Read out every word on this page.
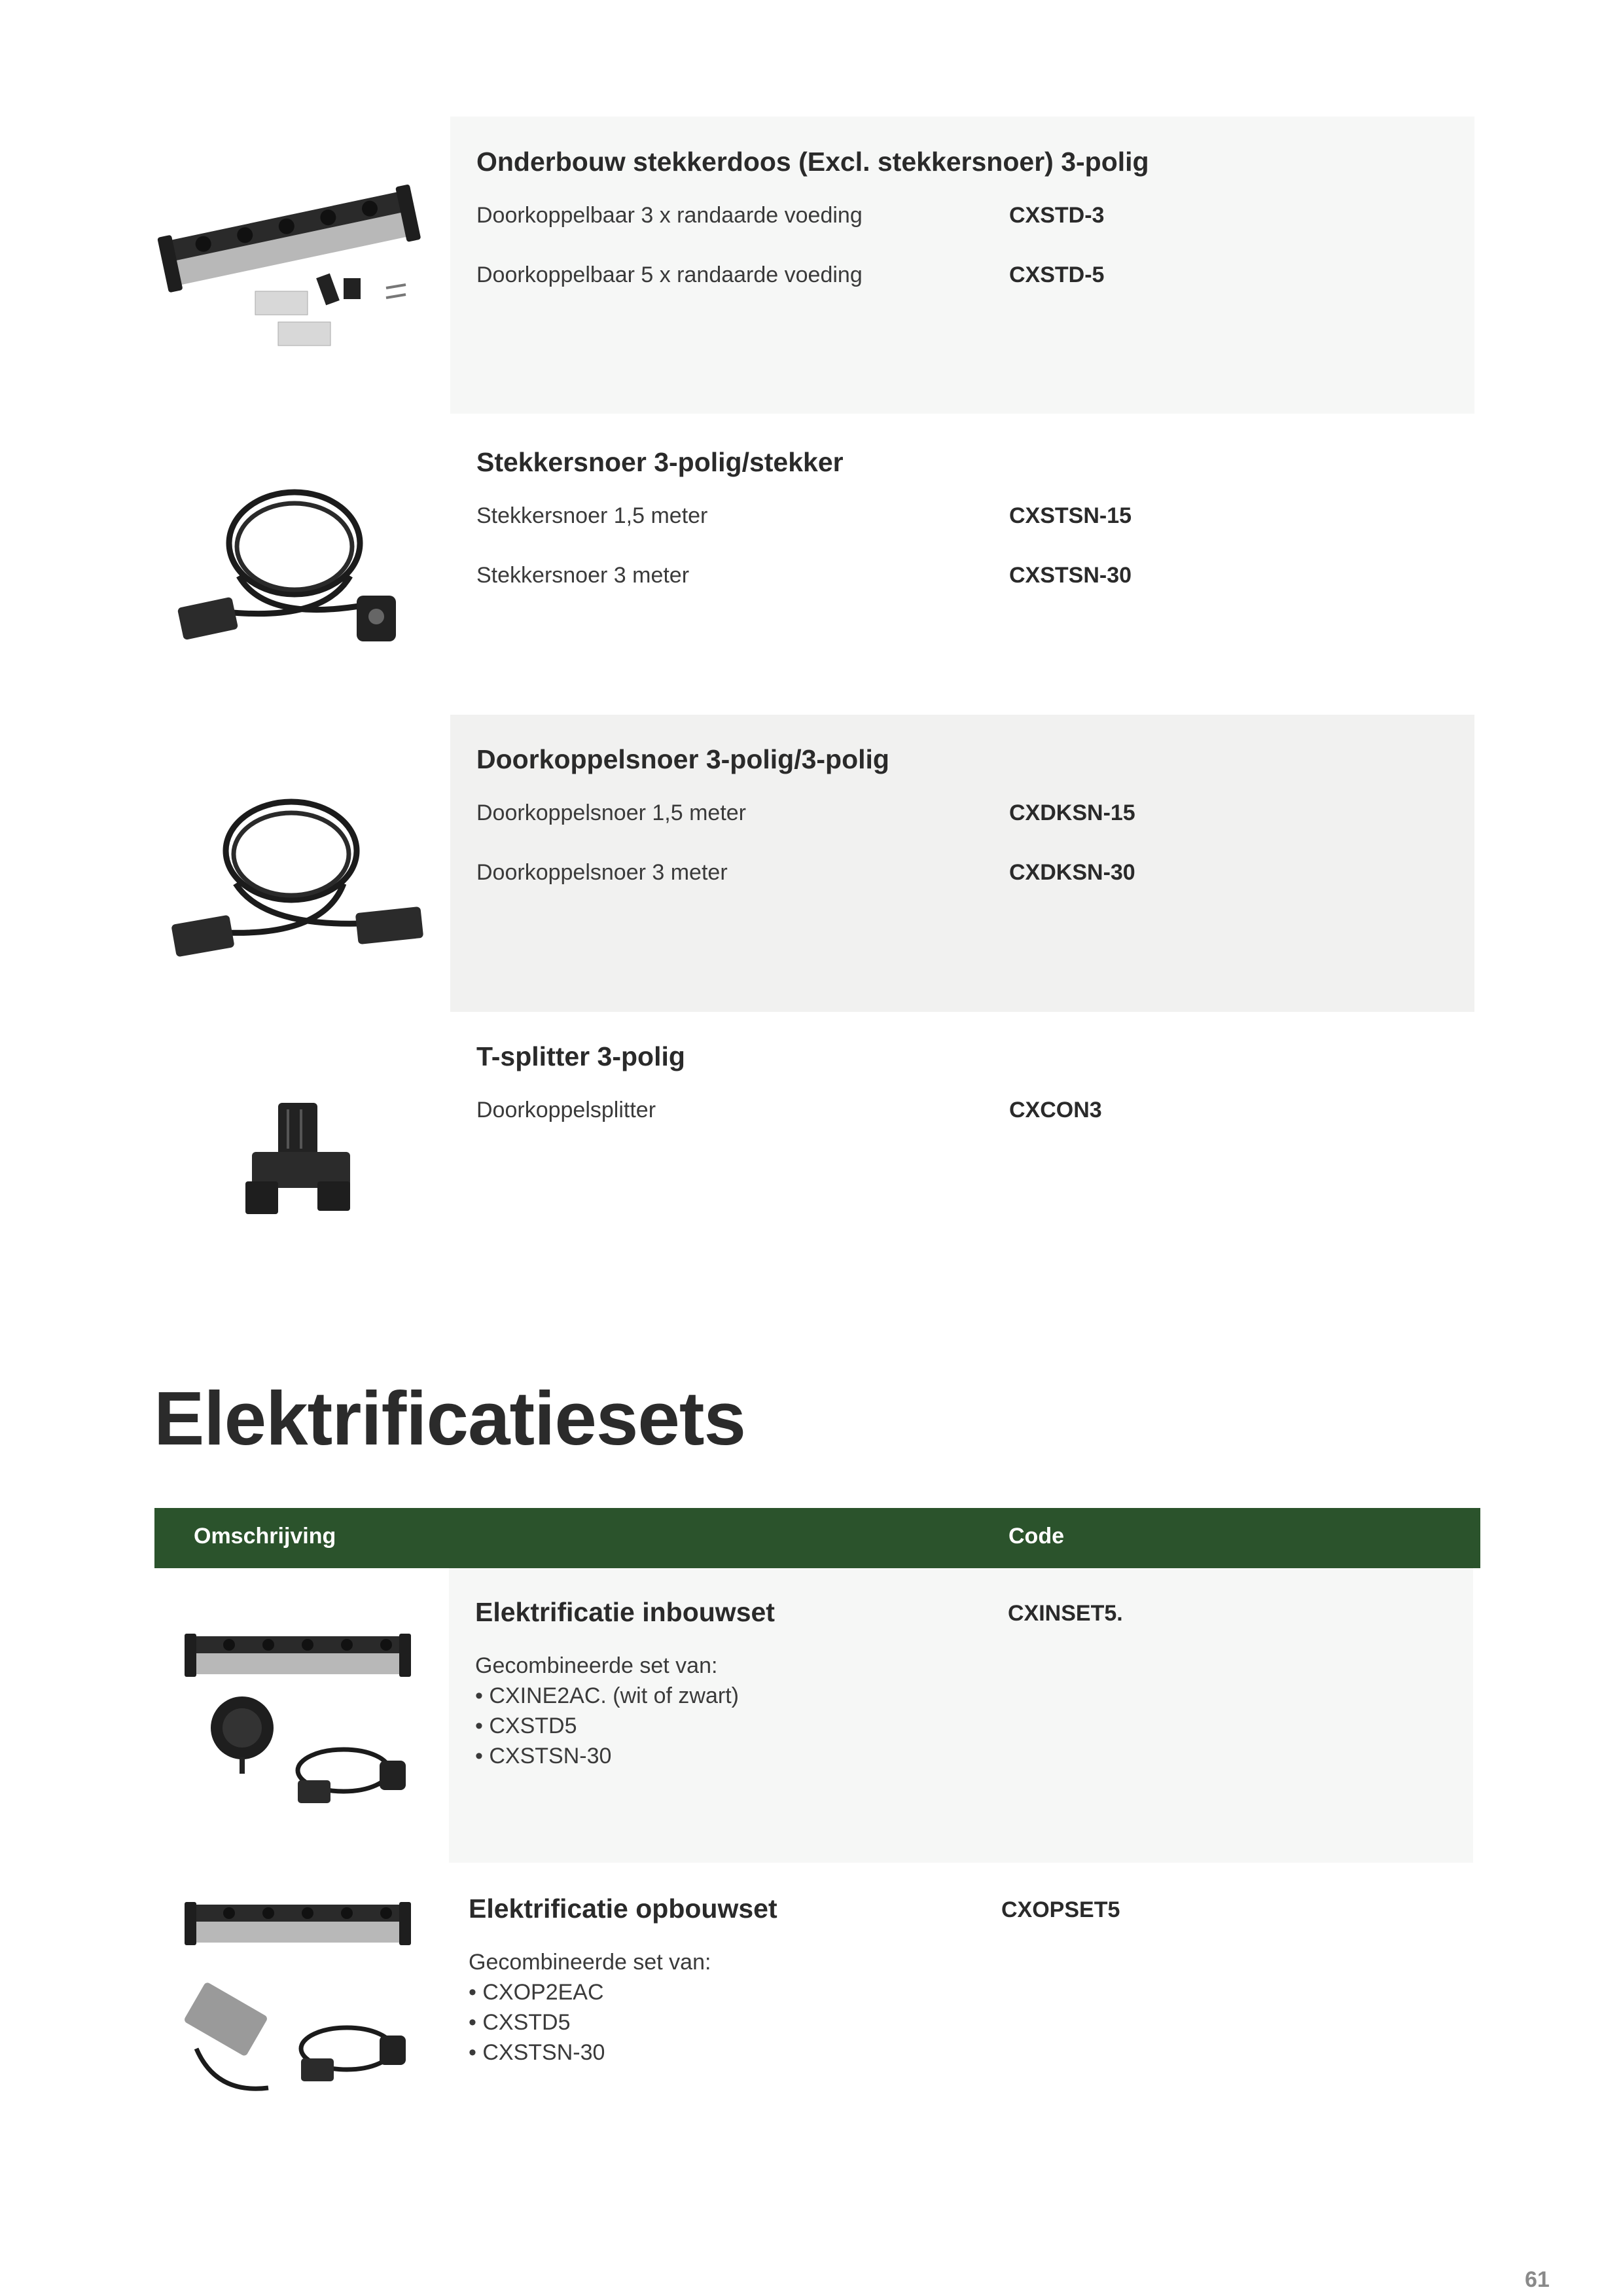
Onderbouw stekkerdoos (Excl. stekkersnoer) 3-polig
Doorkoppelbaar 3 x randaarde voeding	CXSTD-3
Doorkoppelbaar 5 x randaarde voeding	CXSTD-5
Stekkersnoer 3-polig/stekker
Stekkersnoer 1,5 meter	CXSTSN-15
Stekkersnoer 3 meter	CXSTSN-30
Doorkoppelsnoer 3-polig/3-polig
Doorkoppelsnoer 1,5 meter	CXDKSN-15
Doorkoppelsnoer 3 meter	CXDKSN-30
T-splitter 3-polig
Doorkoppelsplitter	CXCON3
Elektrificatiesets
Omschrijving	Code
Elektrificatie inbouwset	CXINSET5.
Gecombineerde set van:
• CXINE2AC. (wit of zwart)
• CXSTD5
• CXSTSN-30
Elektrificatie opbouwset	CXOPSET5
Gecombineerde set van:
• CXOP2EAC
• CXSTD5
• CXSTSN-30
61
